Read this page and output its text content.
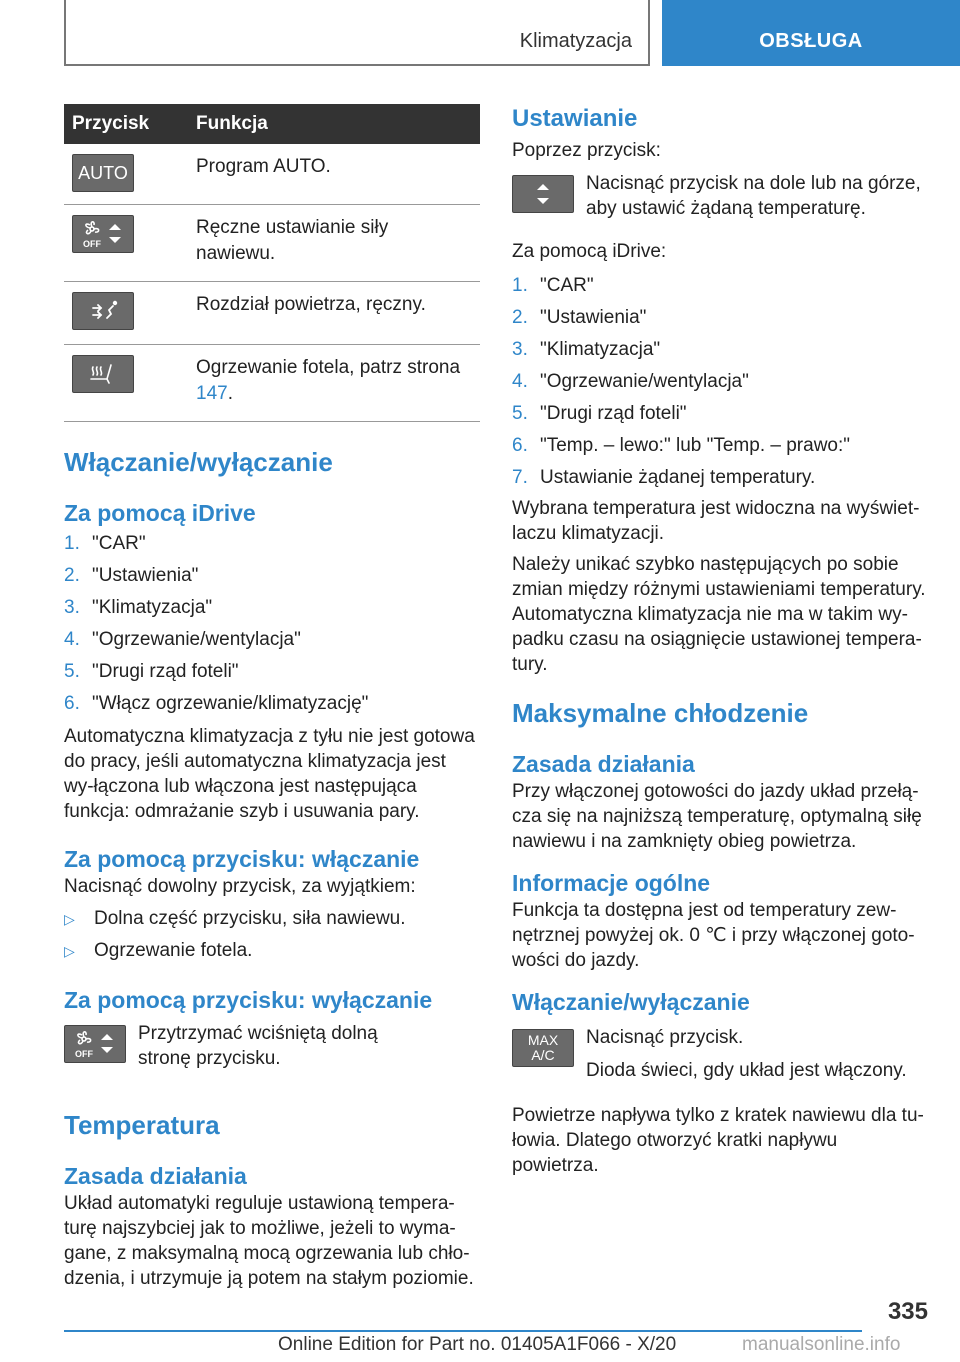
Klimatyzacja	OBSŁUGA
Przycisk	Funkcja
AUTO	Program AUTO.

OFF	Ręczne ustawianie siły nawiewu.

	Rozdział powietrza, ręczny.

	Ogrzewanie fotela, patrz strona 147.
Włączanie/wyłączanie
Za pomocą iDrive
1. "CAR"
2. "Ustawienia"
3. "Klimatyzacja"
4. "Ogrzewanie/wentylacja"
5. "Drugi rząd foteli"
6. "Włącz ogrzewanie/klimatyzację"

Automatyczna klimatyzacja z tyłu nie jest gotowa do pracy, jeśli automatyczna klimatyzacja jest wy-łączona lub włączona jest następująca funkcja: odmrażanie szyb i usuwania pary.

Za pomocą przycisku: włączanie

Nacisnąć dowolny przycisk, za wyjątkiem:

▷	Dolna część przycisku, siła nawiewu.
▷	Ogrzewanie fotela.
Za pomocą przycisku: wyłączanie
OFF

Przytrzymać wciśniętą dolną stronę przycisku.

Temperatura
Zasada działania

Układ automatyki reguluje ustawioną tempera-turę najszybciej jak to możliwe, jeżeli to wyma-gane, z maksymalną mocą ogrzewania lub chło-dzenia, i utrzymuje ją potem na stałym poziomie.

Ustawianie

Poprzez przycisk:

Nacisnąć przycisk na dole lub na górze, aby ustawić żądaną temperaturę.

Za pomocą iDrive:

1. "CAR"
2. "Ustawienia"
3. "Klimatyzacja"
4. "Ogrzewanie/wentylacja"
5. "Drugi rząd foteli"
6. "Temp. – lewo:" lub "Temp. – prawo:"
7. Ustawianie żądanej temperatury.

Wybrana temperatura jest widoczna na wyświet-laczu klimatyzacji.

Należy unikać szybko następujących po sobie zmian między różnymi ustawieniami temperatury. Automatyczna klimatyzacja nie ma w takim wy-padku czasu na osiągnięcie ustawionej tempera-tury.

Maksymalne chłodzenie
Zasada działania

Przy włączonej gotowości do jazdy układ przełą-cza się na najniższą temperaturę, optymalną siłę nawiewu i na zamknięty obieg powietrza.

Informacje ogólne

Funkcja ta dostępna jest od temperatury zew-nętrznej powyżej ok. 0 ℃ i przy włączonej goto-wości do jazdy.

Włączanie/wyłączanie
MAX
A/C

Nacisnąć przycisk.

Dioda świeci, gdy układ jest włączony.

Powietrze napływa tylko z kratek nawiewu dla tu-łowia. Dlatego otworzyć kratki napływu powietrza.

335
Online Edition for Part no. 01405A1F066 - X/20	manualsonline.info
